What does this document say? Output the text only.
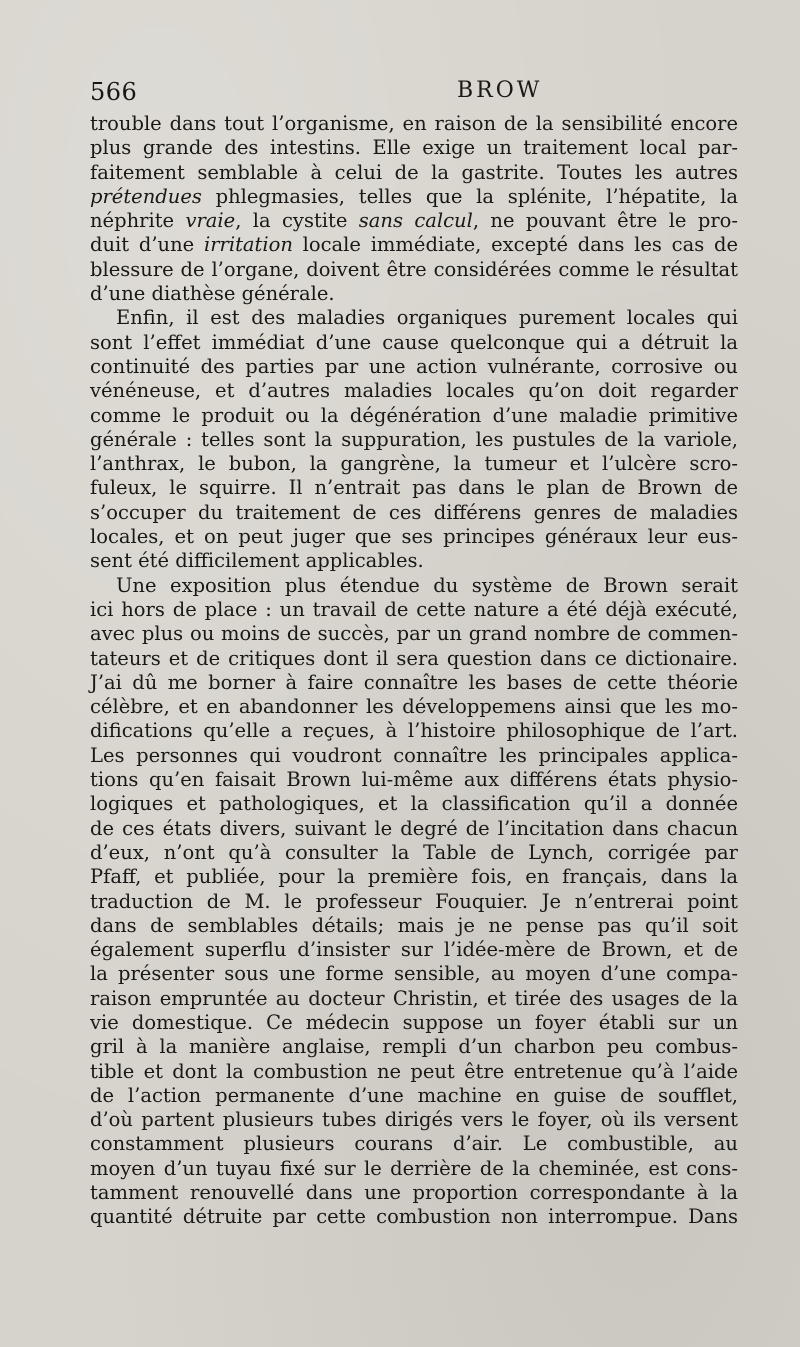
566	BROW
trouble dans tout l’organisme, en raison de la sensibilité encore
plus grande des intestins. Elle exige un traitement local par-
faitement semblable à celui de la gastrite. Toutes les autres
prétendues phlegmasies, telles que la splénite, l’hépatite, la
néphrite vraie, la cystite sans calcul, ne pouvant être le pro-
duit d’une irritation locale immédiate, excepté dans les cas de
blessure de l’organe, doivent être considérées comme le résultat
d’une diathèse générale.
Enfin, il est des maladies organiques purement locales qui
sont l’effet immédiat d’une cause quelconque qui a détruit la
continuité des parties par une action vulnérante, corrosive ou
vénéneuse, et d’autres maladies locales qu’on doit regarder
comme le produit ou la dégénération d’une maladie primitive
générale : telles sont la suppuration, les pustules de la variole,
l’anthrax, le bubon, la gangrène, la tumeur et l’ulcère scro-
fuleux, le squirre. Il n’entrait pas dans le plan de Brown de
s’occuper du traitement de ces différens genres de maladies
locales, et on peut juger que ses principes généraux leur eus-
sent été difficilement applicables.
Une exposition plus étendue du système de Brown serait
ici hors de place : un travail de cette nature a été déjà exécuté,
avec plus ou moins de succès, par un grand nombre de commen-
tateurs et de critiques dont il sera question dans ce dictionaire.
J’ai dû me borner à faire connaître les bases de cette théorie
célèbre, et en abandonner les développemens ainsi que les mo-
difications qu’elle a reçues, à l’histoire philosophique de l’art.
Les personnes qui voudront connaître les principales applica-
tions qu’en faisait Brown lui-même aux différens états physio-
logiques et pathologiques, et la classification qu’il a donnée
de ces états divers, suivant le degré de l’incitation dans chacun
d’eux, n’ont qu’à consulter la Table de Lynch, corrigée par
Pfaff, et publiée, pour la première fois, en français, dans la
traduction de M. le professeur Fouquier. Je n’entrerai point
dans de semblables détails; mais je ne pense pas qu’il soit
également superflu d’insister sur l’idée-mère de Brown, et de
la présenter sous une forme sensible, au moyen d’une compa-
raison empruntée au docteur Christin, et tirée des usages de la
vie domestique. Ce médecin suppose un foyer établi sur un
gril à la manière anglaise, rempli d’un charbon peu combus-
tible et dont la combustion ne peut être entretenue qu’à l’aide
de l’action permanente d’une machine en guise de soufflet,
d’où partent plusieurs tubes dirigés vers le foyer, où ils versent
constamment plusieurs courans d’air. Le combustible, au
moyen d’un tuyau fixé sur le derrière de la cheminée, est cons-
tamment renouvellé dans une proportion correspondante à la
quantité détruite par cette combustion non interrompue. Dans
